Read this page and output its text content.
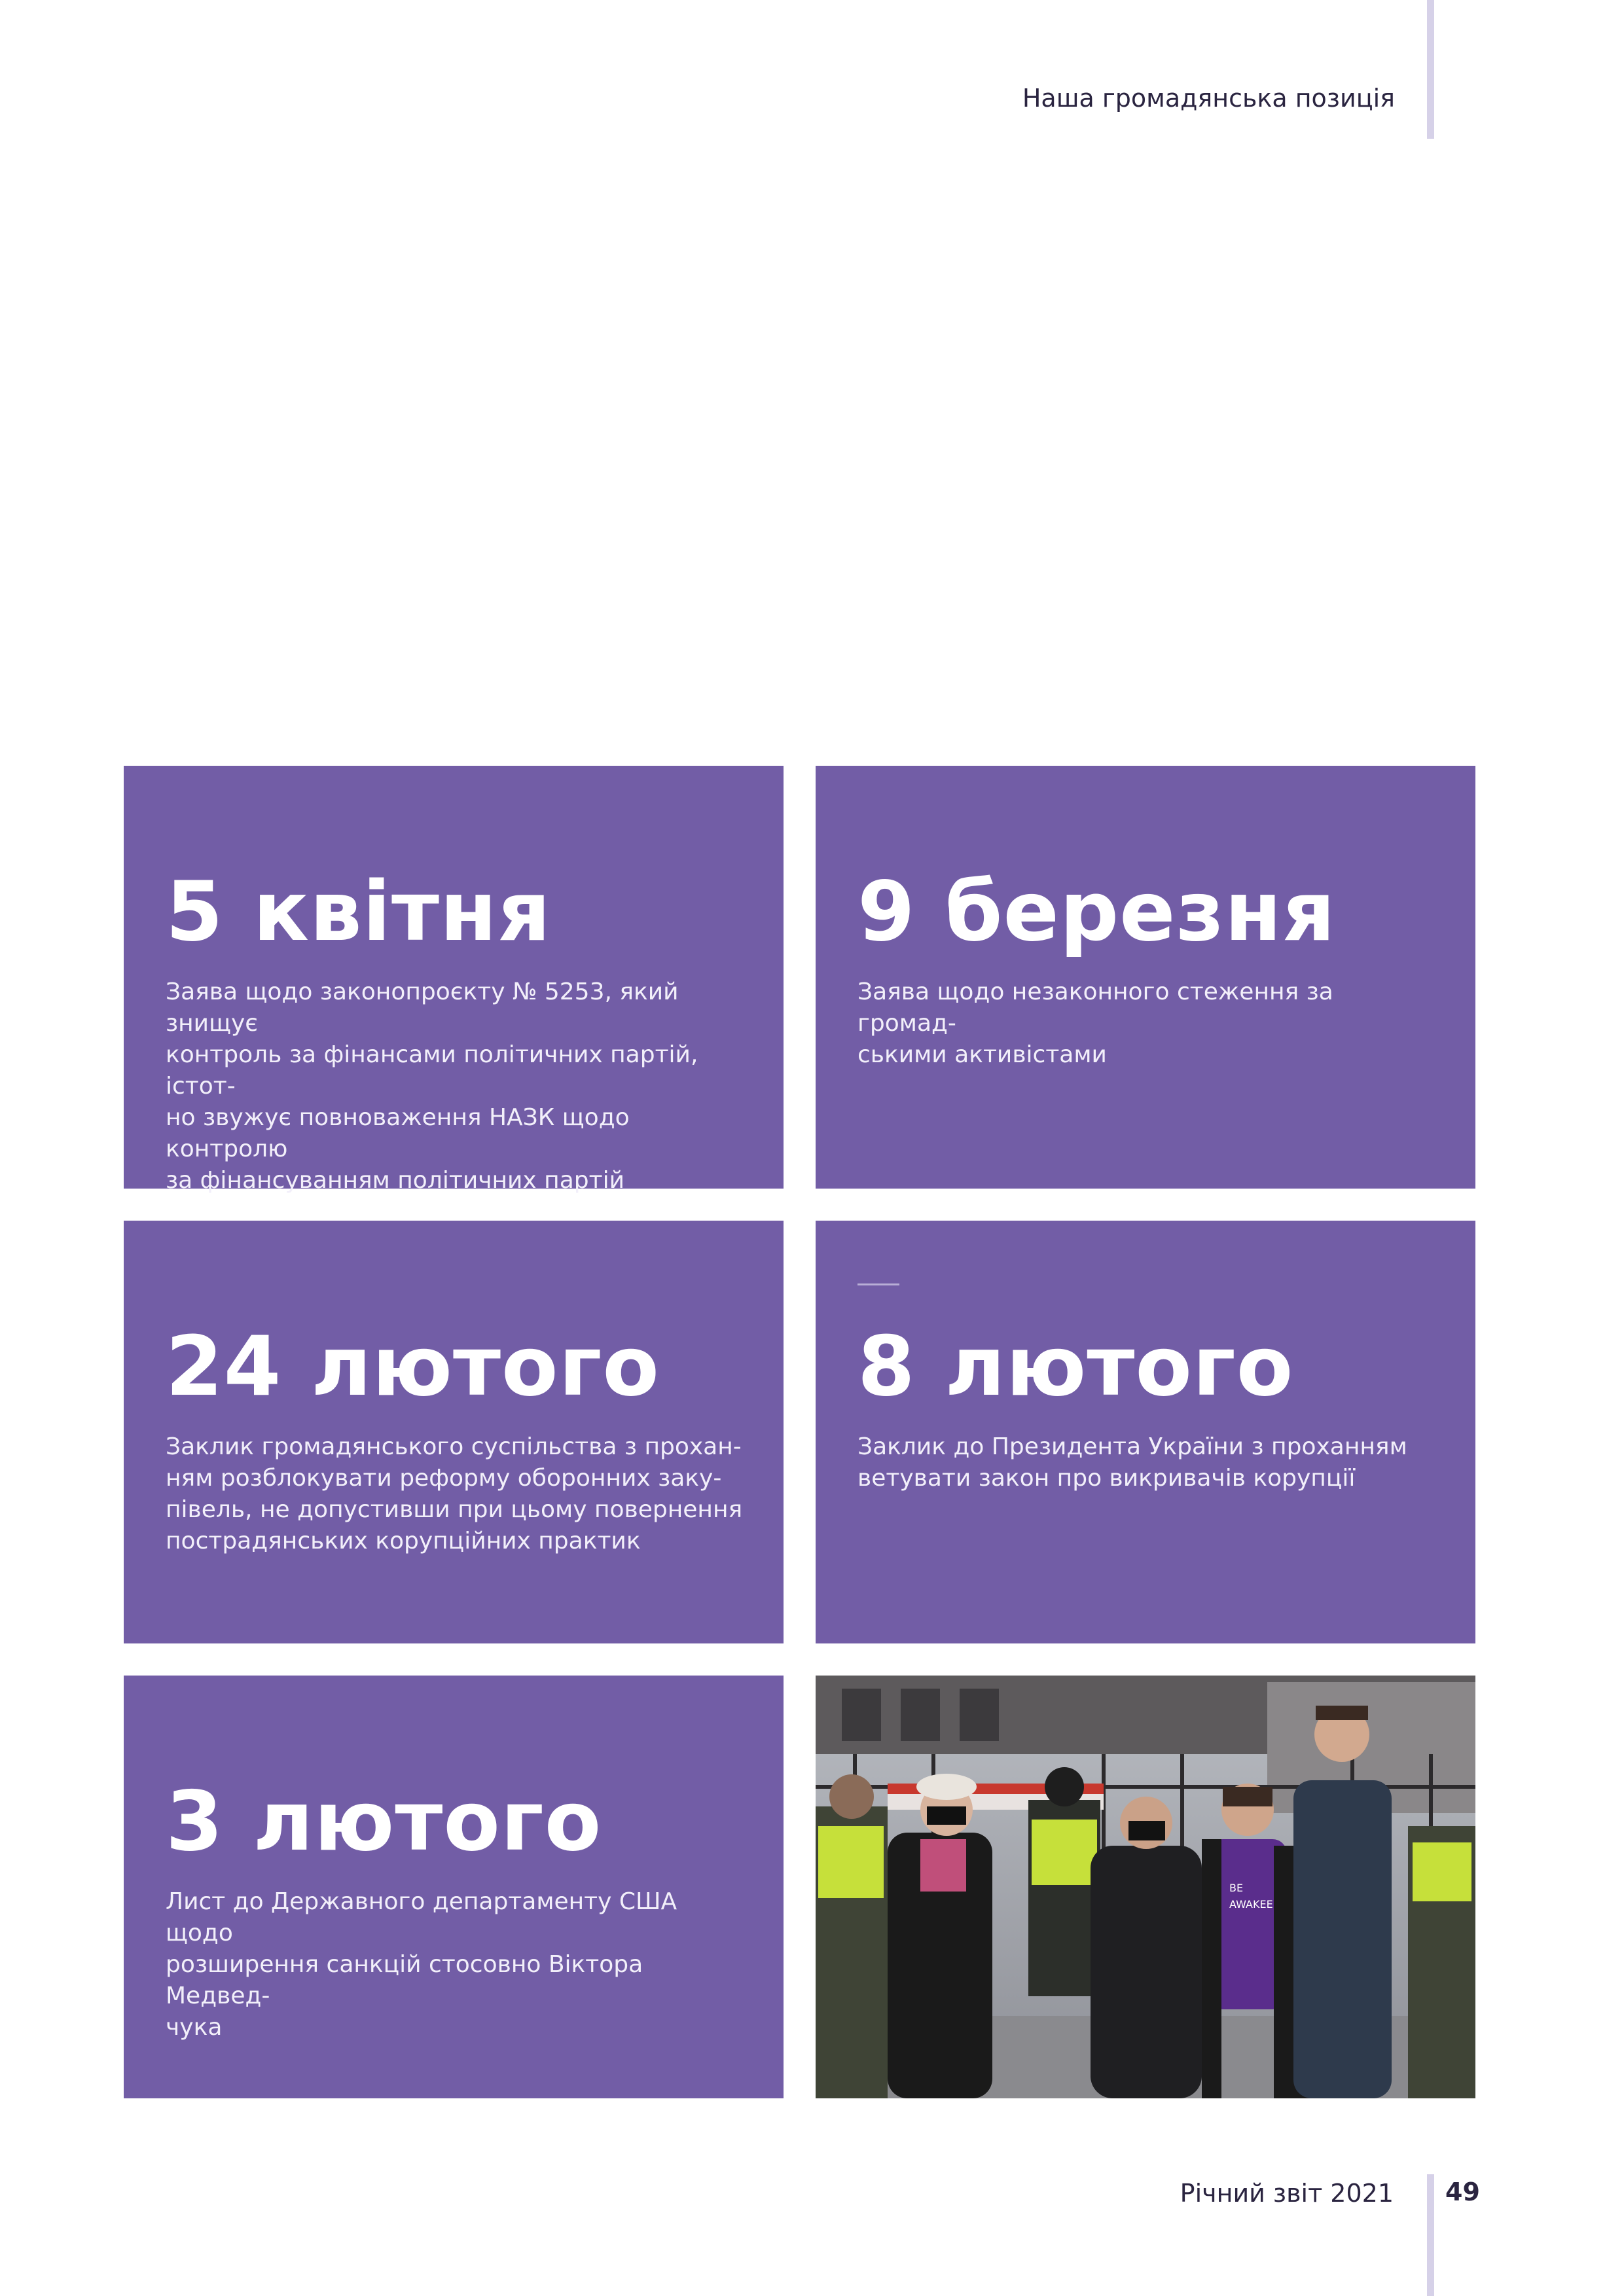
Наша громадянська позиція
5 квітня
Заява щодо законопроєкту № 5253, який знищує
контроль за фінансами політичних партій, істот-
но звужує повноваження НАЗК щодо контролю
за фінансуванням політичних партій
9 березня
Заява щодо незаконного стеження за громад-
ськими активістами
24 лютого
Заклик громадянського суспільства з прохан-
ням розблокувати реформу оборонних заку-
півель, не допустивши при цьому повернення
пострадянських корупційних практик
8 лютого
Заклик до Президента України з проханням
ветувати закон про викривачів корупції
3 лютого
Лист до Державного департаменту США щодо
розширення санкцій стосовно Віктора Медвед-
чука
BE
AWAKEE
Річний звіт 2021 49
